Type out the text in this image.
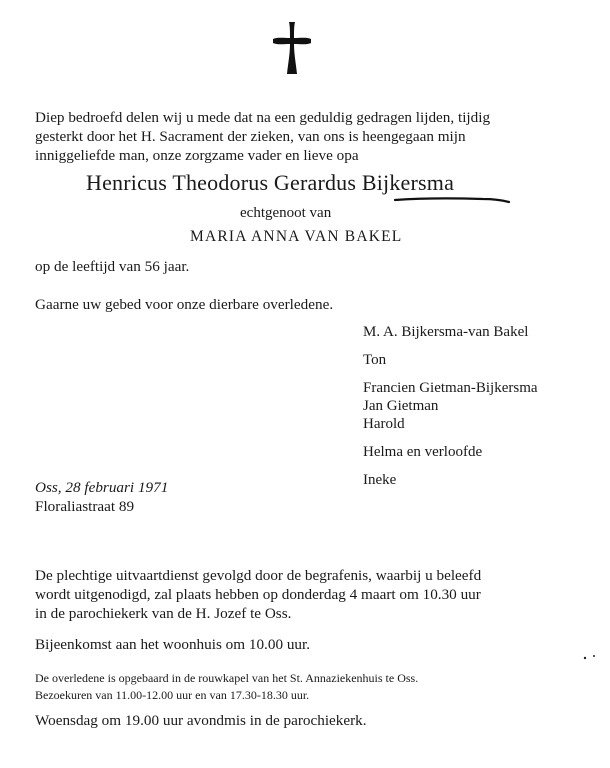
Diep bedroefd delen wij u mede dat na een geduldig gedragen lijden, tijdig
gesterkt door het H. Sacrament der zieken, van ons is heengegaan mijn
inniggeliefde man, onze zorgzame vader en lieve opa
Henricus Theodorus Gerardus Bijkersma
echtgenoot van
MARIA ANNA VAN BAKEL
op de leeftijd van 56 jaar.
Gaarne uw gebed voor onze dierbare overledene.
M. A. Bijkersma-van Bakel
Ton
Francien Gietman-Bijkersma
Jan Gietman
Harold
Helma en verloofde
Ineke
Oss, 28 februari 1971
Floraliastraat 89
De plechtige uitvaartdienst gevolgd door de begrafenis, waarbij u beleefd
wordt uitgenodigd, zal plaats hebben op donderdag 4 maart om 10.30 uur
in de parochiekerk van de H. Jozef te Oss.
Bijeenkomst aan het woonhuis om 10.00 uur.
De overledene is opgebaard in de rouwkapel van het St. Annaziekenhuis te Oss.
Bezoekuren van 11.00-12.00 uur en van 17.30-18.30 uur.
Woensdag om 19.00 uur avondmis in de parochiekerk.
